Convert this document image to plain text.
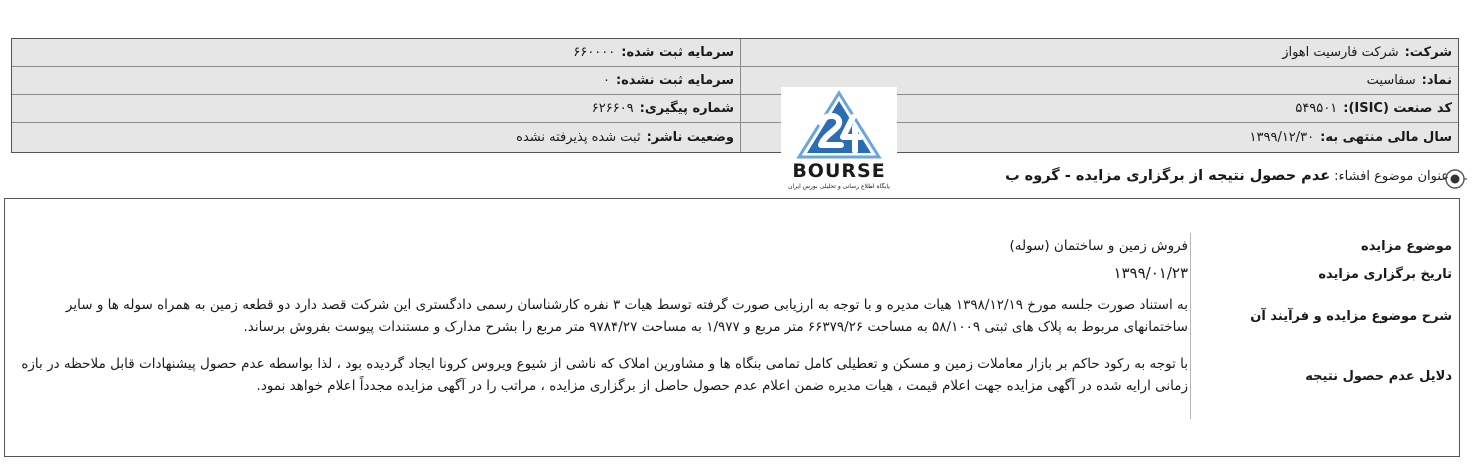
شرکت:
شرکت فارسیت اهواز
سرمایه ثبت شده:
۶۶۰۰۰۰
نماد:
سفاسیت
سرمایه ثبت نشده:
۰
کد صنعت (ISIC):
۵۴۹۵۰۱
شماره پیگیری:
۶۲۶۶۰۹
سال مالی منتهی به:
۱۳۹۹/۱۲/۳۰
وضعیت ناشر:
ثبت شده پذیرفته نشده
BOURSE
پایگاه اطلاع رسانی و تحلیلی بورس ایران
عنوان موضوع افشاء:
عدم حصول نتیجه از برگزاری مزایده - گروه ب
موضوع مزایده
فروش زمین و ساختمان (سوله)
تاریخ برگزاری مزایده
۱۳۹۹/۰۱/۲۳
شرح موضوع مزایده و فرآیند آن
به استناد صورت جلسه مورخ ۱۳۹۸/۱۲/۱۹ هیات مدیره و با توجه به ارزیابی صورت گرفته توسط هیات ۳ نفره کارشناسان رسمی دادگستری این شرکت قصد دارد دو قطعه زمین به همراه سوله ها و سایر ساختمانهای مربوط به پلاک های ثبتی ۵۸/۱۰۰۹ به مساحت ۶۶۳۷۹/۲۶ متر مربع و ۱/۹۷۷ به مساحت ۹۷۸۴/۲۷ متر مربع را بشرح مدارک و مستندات پیوست بفروش برساند.
دلایل عدم حصول نتیجه
با توجه به رکود حاکم بر بازار معاملات زمین و مسکن و تعطیلی کامل تمامی بنگاه ها و مشاورین املاک که ناشی از شیوع ویروس کرونا ایجاد گردیده بود ، لذا بواسطه عدم حصول پیشنهادات قابل ملاحظه در بازه زمانی ارایه شده در آگهی مزایده جهت اعلام قیمت ، هیات مدیره ضمن اعلام عدم حصول حاصل از برگزاری مزایده ، مراتب را در آگهی مزایده مجدداً اعلام خواهد نمود.
